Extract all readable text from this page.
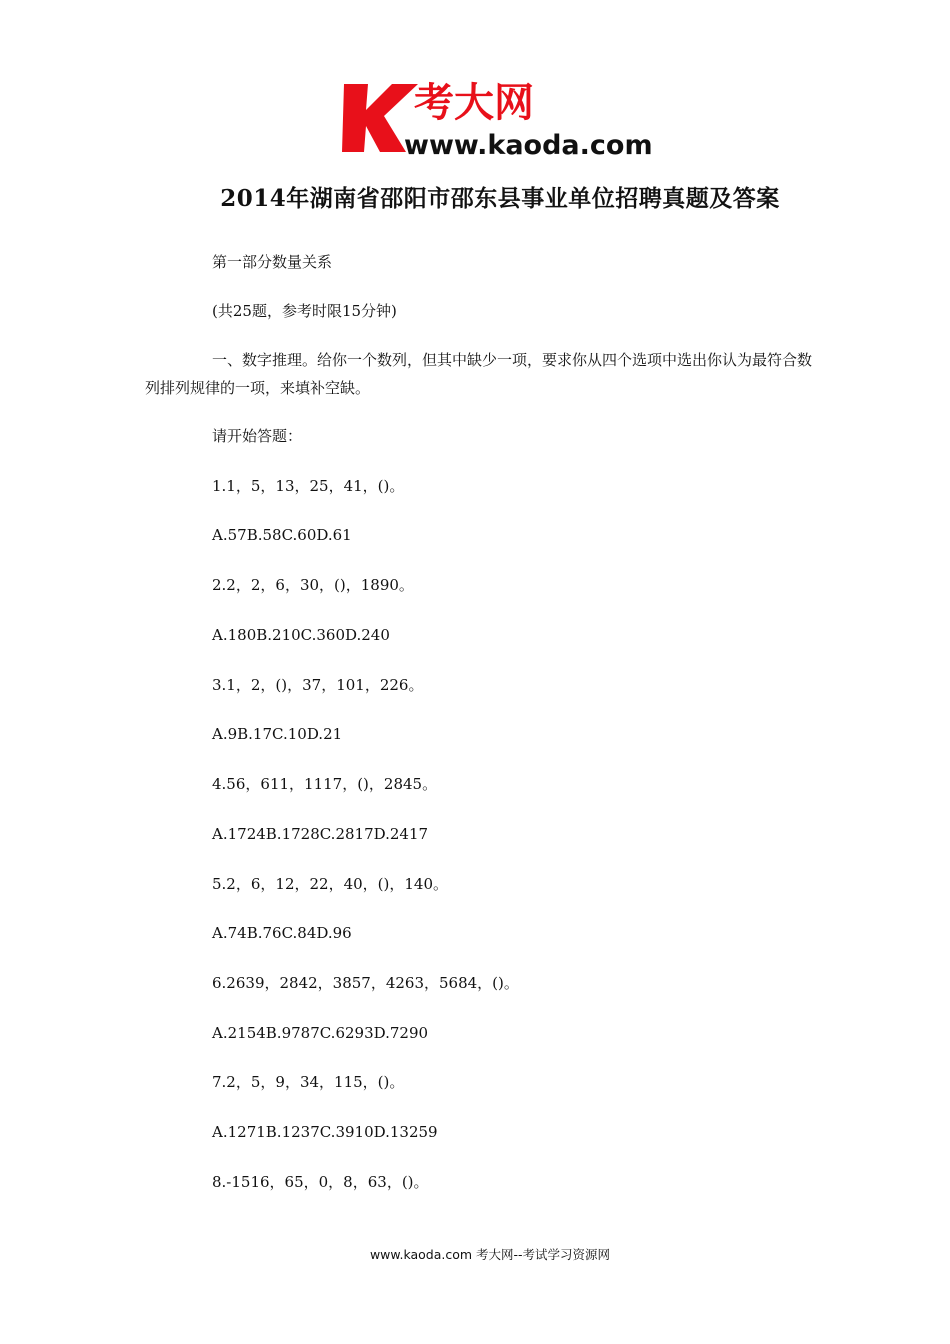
考大网
www.kaoda.com
2014年湖南省邵阳市邵东县事业单位招聘真题及答案

第一部分数量关系

(共25题，参考时限15分钟)

一、数字推理。给你一个数列，但其中缺少一项，要求你从四个选项中选出你认为最符合数列排列规律的一项，来填补空缺。

请开始答题：

1.1，5，13，25，41，()。

A.57B.58C.60D.61

2.2，2，6，30，()，1890。

A.180B.210C.360D.240

3.1，2，()，37，101，226。

A.9B.17C.10D.21

4.56，611，1117，()，2845。

A.1724B.1728C.2817D.2417

5.2，6，12，22，40，()，140。

A.74B.76C.84D.96

6.2639，2842，3857，4263，5684，()。

A.2154B.9787C.6293D.7290

7.2，5，9，34，115，()。

A.1271B.1237C.3910D.13259

8.-1516，65，0，8，63，()。

www.kaoda.com 考大网--考试学习资源网
